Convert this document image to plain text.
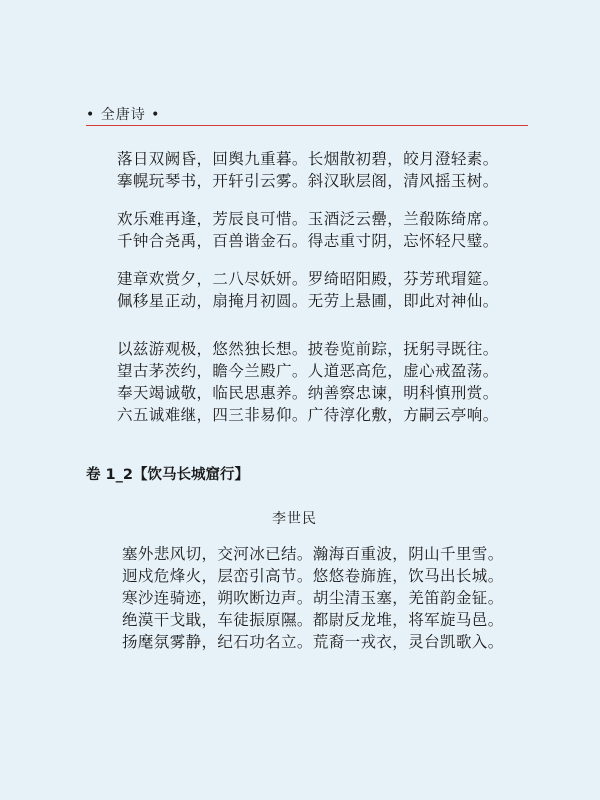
• 全唐诗 •
落日双阙昏，回舆九重暮。长烟散初碧，皎月澄轻素。
搴幌玩琴书，开轩引云雾。斜汉耿层阁，清风摇玉树。
欢乐难再逢，芳辰良可惜。玉酒泛云罍，兰殽陈绮席。
千钟合尧禹，百兽谐金石。得志重寸阴，忘怀轻尺璧。
建章欢赏夕，二八尽妖妍。罗绮昭阳殿，芬芳玳瑁筵。
佩移星正动，扇掩月初圆。无劳上悬圃，即此对神仙。
以兹游观极，悠然独长想。披卷览前踪，抚躬寻既往。
望古茅茨约，瞻今兰殿广。人道恶高危，虚心戒盈荡。
奉天竭诚敬，临民思惠养。纳善察忠谏，明科慎刑赏。
六五诚难继，四三非易仰。广待淳化敷，方嗣云亭响。
卷 1_2【饮马长城窟行】
李世民
塞外悲风切，交河冰已结。瀚海百重波，阴山千里雪。
迥戍危烽火，层峦引高节。悠悠卷旆旌，饮马出长城。
寒沙连骑迹，朔吹断边声。胡尘清玉塞，羌笛韵金钲。
绝漠干戈戢，车徒振原隰。都尉反龙堆，将军旋马邑。
扬麾氛雾静，纪石功名立。荒裔一戎衣，灵台凯歌入。
